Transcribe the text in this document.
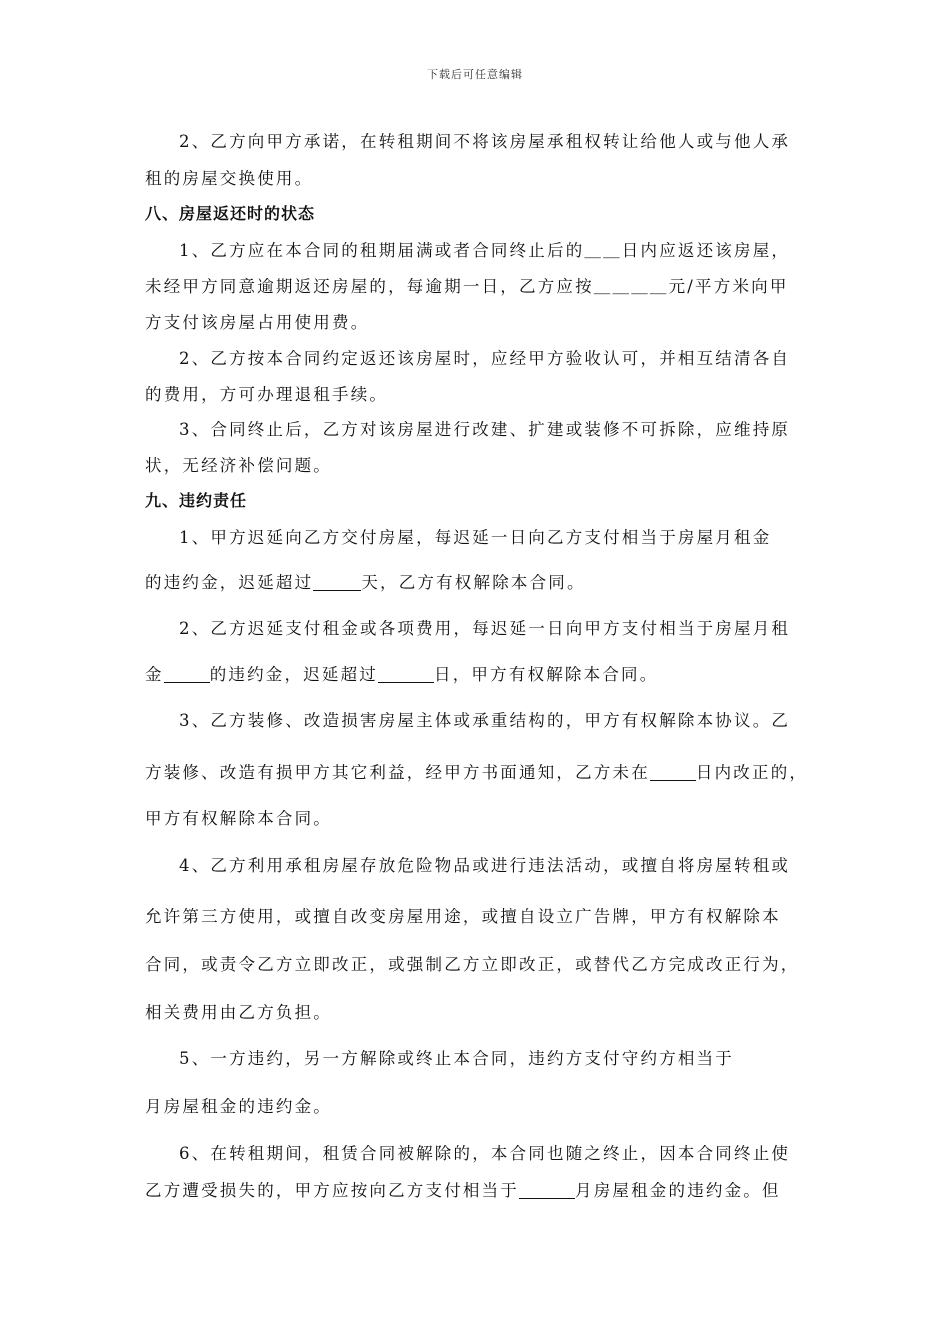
下载后可任意编辑
2、乙方向甲方承诺，在转租期间不将该房屋承租权转让给他人或与他人承
租的房屋交换使用。
八、房屋返还时的状态
1、乙方应在本合同的租期届满或者合同终止后的＿＿日内应返还该房屋，
未经甲方同意逾期返还房屋的，每逾期一日，乙方应按＿＿＿＿元/平方米向甲
方支付该房屋占用使用费。
2、乙方按本合同约定返还该房屋时，应经甲方验收认可，并相互结清各自
的费用，方可办理退租手续。
3、合同终止后，乙方对该房屋进行改建、扩建或装修不可拆除，应维持原
状，无经济补偿问题。
九、违约责任
1、甲方迟延向乙方交付房屋，每迟延一日向乙方支付相当于房屋月租金
的违约金，迟延超过	天，乙方有权解除本合同。
2、乙方迟延支付租金或各项费用，每迟延一日向甲方支付相当于房屋月租
金	的违约金，迟延超过	日，甲方有权解除本合同。
3、乙方装修、改造损害房屋主体或承重结构的，甲方有权解除本协议。乙
方装修、改造有损甲方其它利益，经甲方书面通知，乙方未在	日内改正的，
甲方有权解除本合同。
4、乙方利用承租房屋存放危险物品或进行违法活动，或擅自将房屋转租或
允许第三方使用，或擅自改变房屋用途，或擅自设立广告牌，甲方有权解除本
合同，或责令乙方立即改正，或强制乙方立即改正，或替代乙方完成改正行为，
相关费用由乙方负担。
5、一方违约，另一方解除或终止本合同，违约方支付守约方相当于
月房屋租金的违约金。
6、在转租期间，租赁合同被解除的，本合同也随之终止，因本合同终止使
乙方遭受损失的，甲方应按向乙方支付相当于	月房屋租金的违约金。但
